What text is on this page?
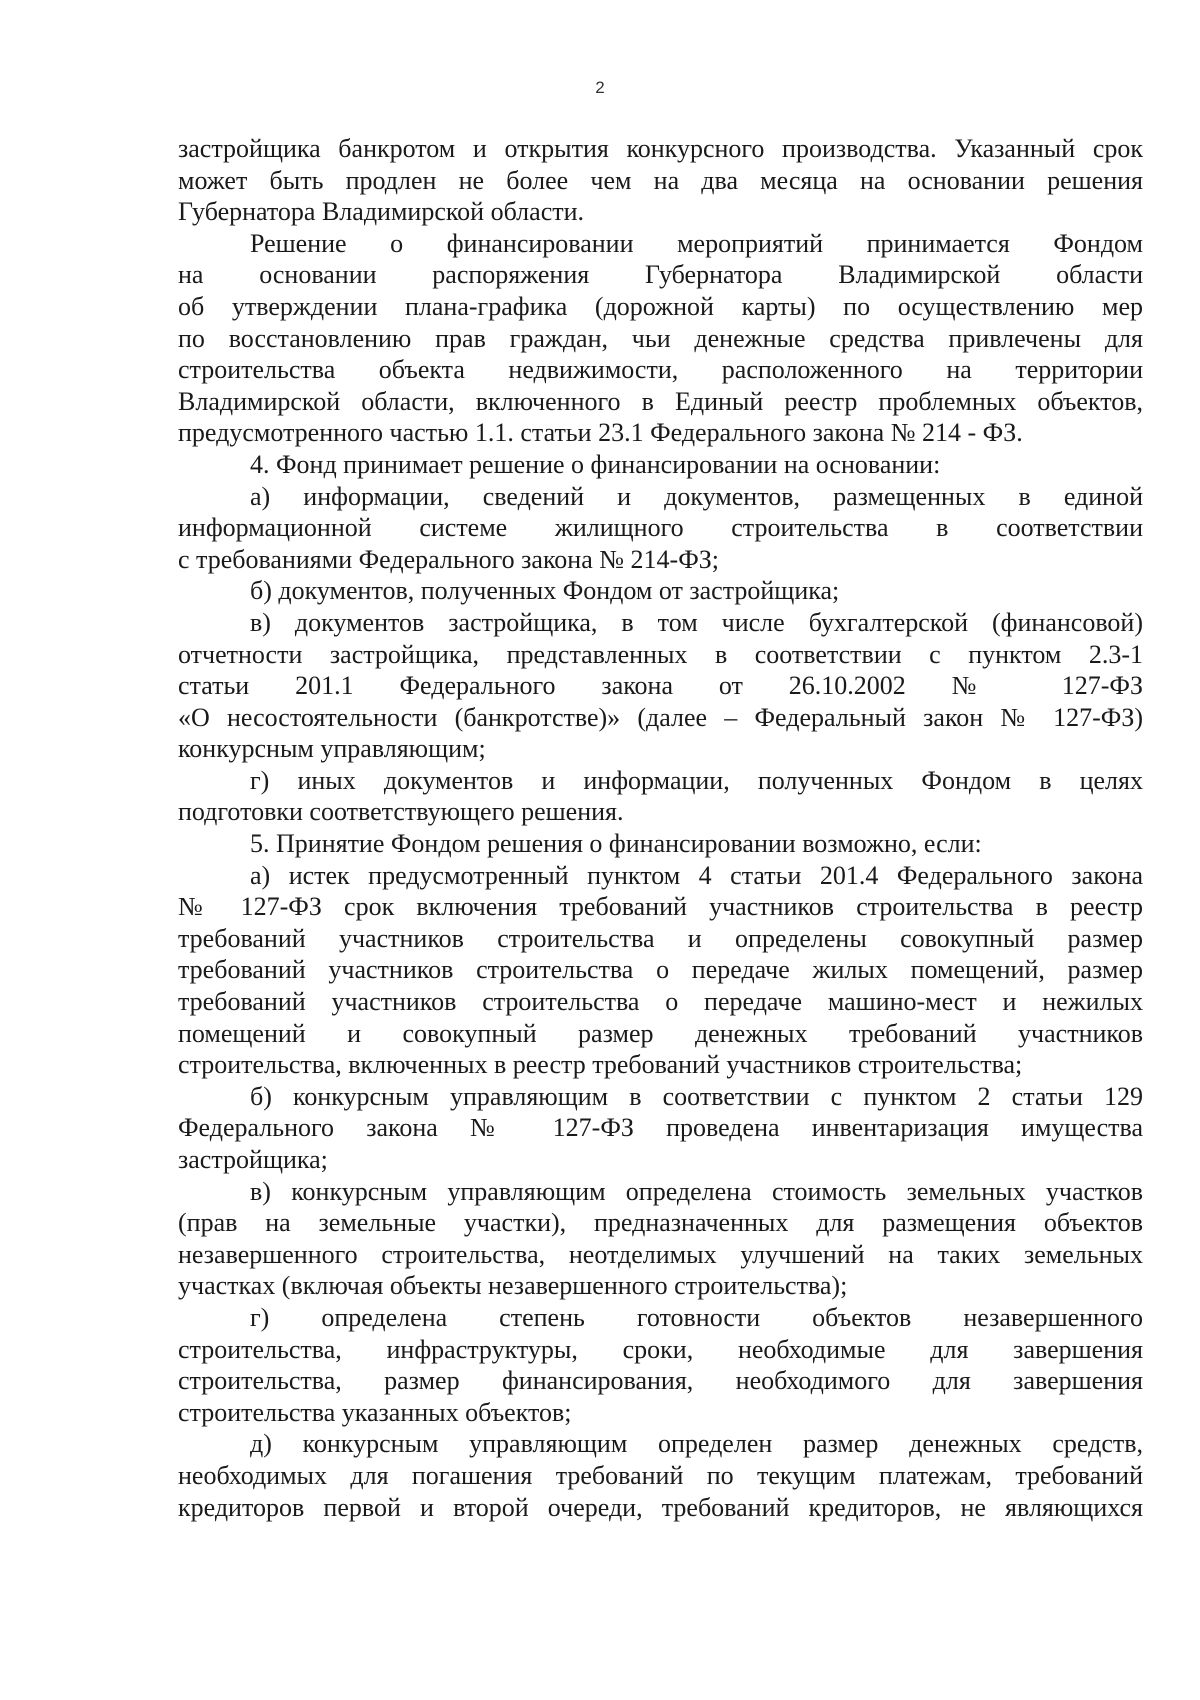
2
застройщика банкротом и открытия конкурсного производства. Указанный срок
может быть продлен не более чем на два месяца на основании решения
Губернатора Владимирской области.
Решение о финансировании мероприятий принимается Фондом
на основании распоряжения Губернатора Владимирской области
об утверждении плана-графика (дорожной карты) по осуществлению мер
по восстановлению прав граждан, чьи денежные средства привлечены для
строительства объекта недвижимости, расположенного на территории
Владимирской области, включенного в Единый реестр проблемных объектов,
предусмотренного частью 1.1. статьи 23.1 Федерального закона № 214 - ФЗ.
4. Фонд принимает решение о финансировании на основании:
а) информации, сведений и документов, размещенных в единой
информационной системе жилищного строительства в соответствии
с требованиями Федерального закона № 214-ФЗ;
б) документов, полученных Фондом от застройщика;
в) документов застройщика, в том числе бухгалтерской (финансовой)
отчетности застройщика, представленных в соответствии с пунктом 2.3-1
статьи 201.1 Федерального закона от 26.10.2002 № 127-ФЗ
«О несостоятельности (банкротстве)» (далее – Федеральный закон № 127-ФЗ)
конкурсным управляющим;
г) иных документов и информации, полученных Фондом в целях
подготовки соответствующего решения.
5. Принятие Фондом решения о финансировании возможно, если:
а) истек предусмотренный пунктом 4 статьи 201.4 Федерального закона
№ 127-ФЗ срок включения требований участников строительства в реестр
требований участников строительства и определены совокупный размер
требований участников строительства о передаче жилых помещений, размер
требований участников строительства о передаче машино-мест и нежилых
помещений и совокупный размер денежных требований участников
строительства, включенных в реестр требований участников строительства;
б) конкурсным управляющим в соответствии с пунктом 2 статьи 129
Федерального закона № 127-ФЗ проведена инвентаризация имущества
застройщика;
в) конкурсным управляющим определена стоимость земельных участков
(прав на земельные участки), предназначенных для размещения объектов
незавершенного строительства, неотделимых улучшений на таких земельных
участках (включая объекты незавершенного строительства);
г) определена степень готовности объектов незавершенного
строительства, инфраструктуры, сроки, необходимые для завершения
строительства, размер финансирования, необходимого для завершения
строительства указанных объектов;
д) конкурсным управляющим определен размер денежных средств,
необходимых для погашения требований по текущим платежам, требований
кредиторов первой и второй очереди, требований кредиторов, не являющихся
